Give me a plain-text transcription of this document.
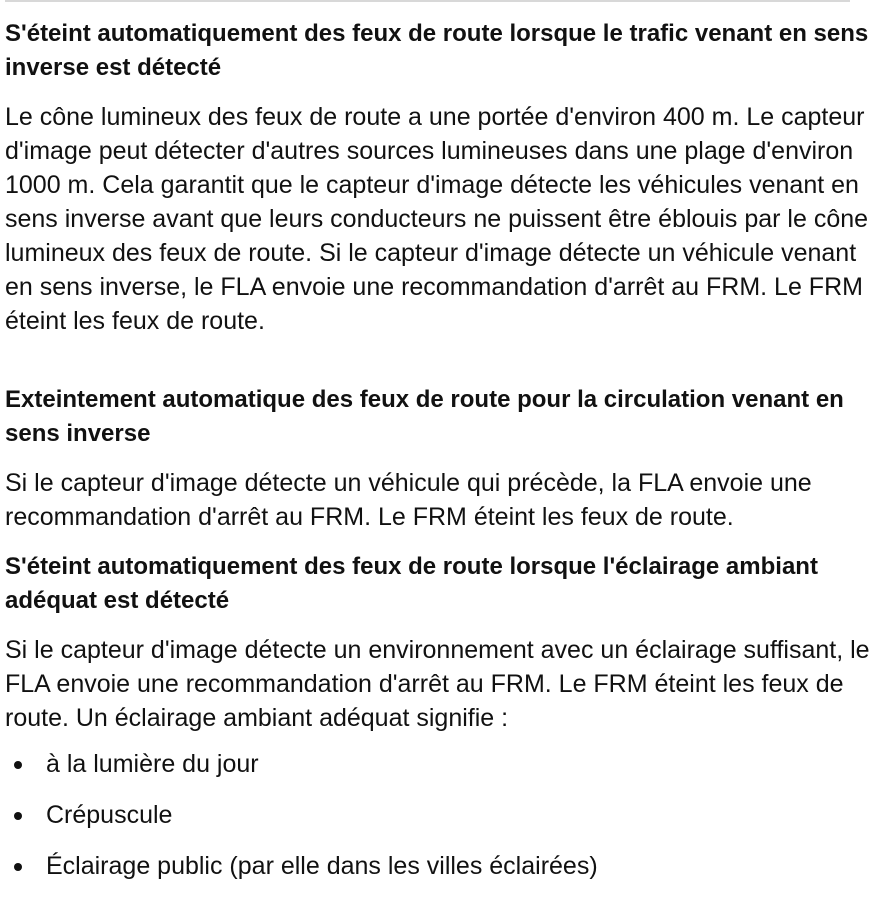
S'éteint automatiquement des feux de route lorsque le trafic venant en sens inverse est détecté

Le cône lumineux des feux de route a une portée d'environ 400 m. Le capteur d'image peut détecter d'autres sources lumineuses dans une plage d'environ 1000 m. Cela garantit que le capteur d'image détecte les véhicules venant en sens inverse avant que leurs conducteurs ne puissent être éblouis par le cône lumineux des feux de route. Si le capteur d'image détecte un véhicule venant en sens inverse, le FLA envoie une recommandation d'arrêt au FRM. Le FRM éteint les feux de route.

Exteintement automatique des feux de route pour la circulation venant en sens inverse

Si le capteur d'image détecte un véhicule qui précède, la FLA envoie une recommandation d'arrêt au FRM. Le FRM éteint les feux de route.

S'éteint automatiquement des feux de route lorsque l'éclairage ambiant adéquat est détecté

Si le capteur d'image détecte un environnement avec un éclairage suffisant, le FLA envoie une recommandation d'arrêt au FRM. Le FRM éteint les feux de route. Un éclairage ambiant adéquat signifie :

à la lumière du jour
Crépuscule
Éclairage public (par elle dans les villes éclairées)
